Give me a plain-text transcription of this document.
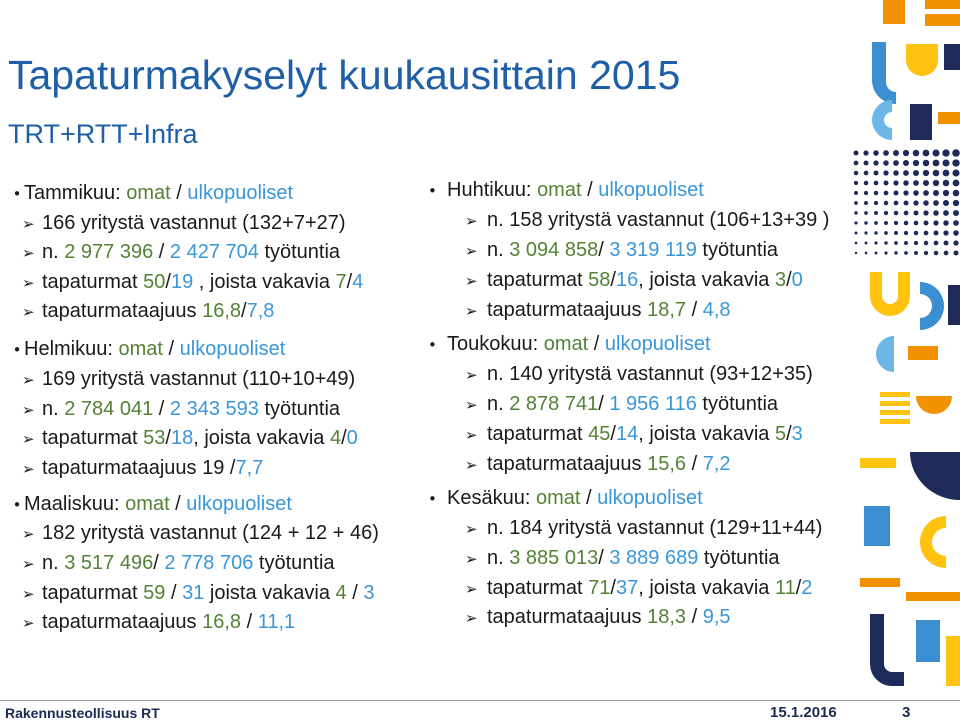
Tapaturmakyselyt kuukausittain 2015
TRT+RTT+Infra
•
Tammikuu: omat / ulkopuoliset
➢
166 yritystä vastannut (132+7+27)
➢
n. 2 977 396 / 2 427 704 työtuntia
➢
tapaturmat 50/19 , joista vakavia 7/4
➢
tapaturmataajuus 16,8/7,8
•
Helmikuu: omat / ulkopuoliset
➢
169 yritystä vastannut (110+10+49)
➢
n. 2 784 041 / 2 343 593 työtuntia
➢
tapaturmat 53/18, joista vakavia 4/0
➢
tapaturmataajuus 19 /7,7
•
Maaliskuu: omat / ulkopuoliset
➢
182 yritystä vastannut (124 + 12 + 46)
➢
n. 3 517 496/ 2 778 706 työtuntia
➢
tapaturmat 59 / 31 joista vakavia 4 / 3
➢
tapaturmataajuus 16,8 / 11,1
•
Huhtikuu: omat / ulkopuoliset
➢
n. 158 yritystä vastannut (106+13+39 )
➢
n. 3 094 858/ 3 319 119 työtuntia
➢
tapaturmat 58/16, joista vakavia 3/0
➢
tapaturmataajuus 18,7 / 4,8
•
Toukokuu: omat / ulkopuoliset
➢
n. 140 yritystä vastannut (93+12+35)
➢
n. 2 878 741/ 1 956 116 työtuntia
➢
tapaturmat 45/14, joista vakavia 5/3
➢
tapaturmataajuus 15,6 / 7,2
•
Kesäkuu: omat / ulkopuoliset
➢
n. 184 yritystä vastannut (129+11+44)
➢
n. 3 885 013/ 3 889 689 työtuntia
➢
tapaturmat 71/37, joista vakavia 11/2
➢
tapaturmataajuus 18,3 / 9,5
Rakennusteollisuus RT	15.1.2016	3
